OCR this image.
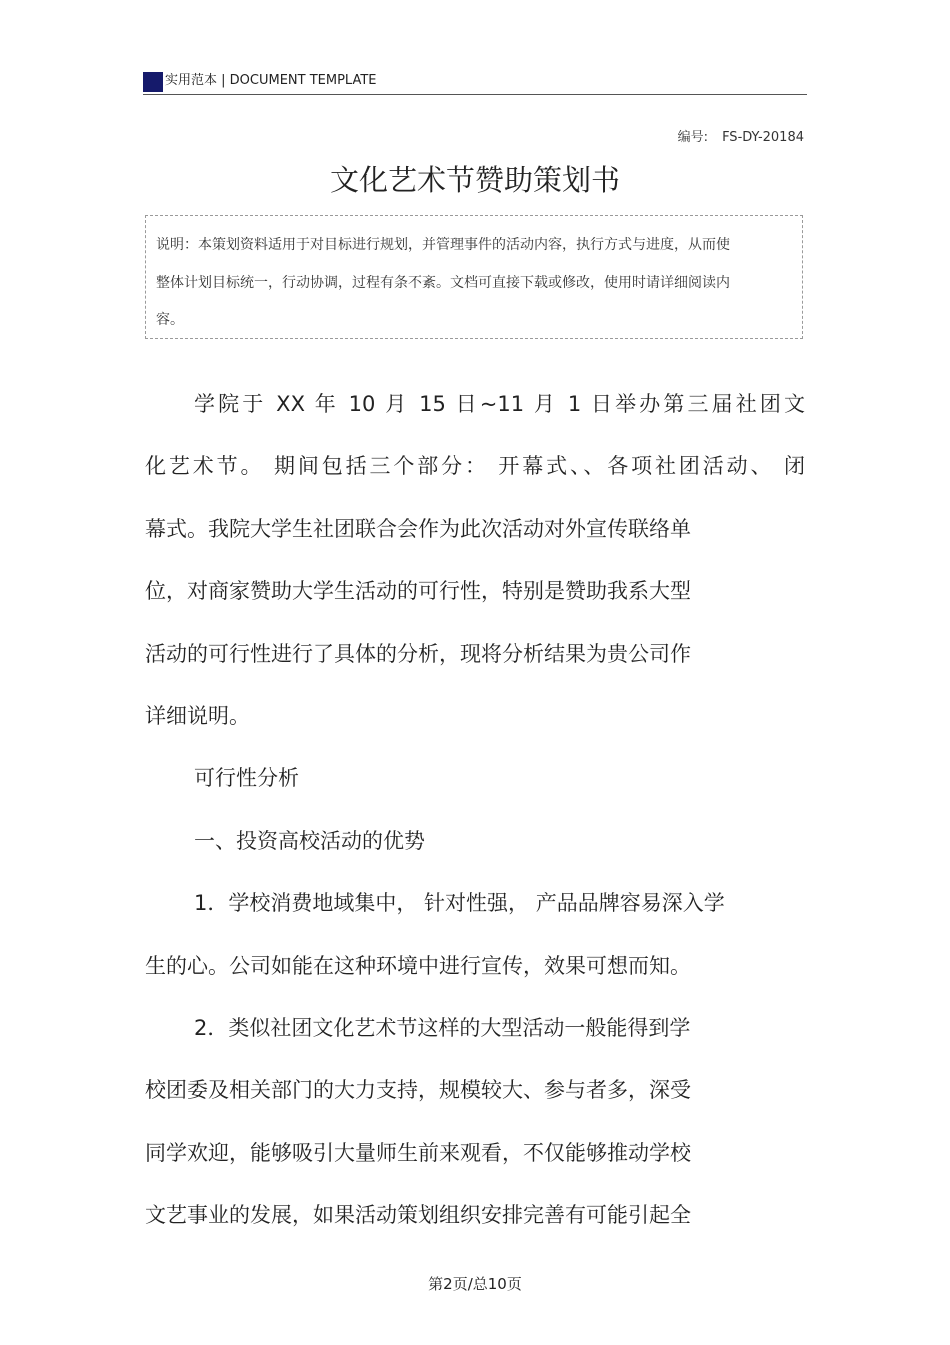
实用范本 | DOCUMENT TEMPLATE
编号: FS-DY-20184
文化艺术节赞助策划书
说明：本策划资料适用于对目标进行规划，并管理事件的活动内容，执行方式与进度，从而使整体计划目标统一，行动协调，过程有条不紊。文档可直接下载或修改，使用时请详细阅读内容。
学院于 XX 年 10 月 15 日~11 月 1 日举办第三届社团文
化艺术节。 期间包括三个部分： 开幕式、、各项社团活动、 闭
幕式。我院大学生社团联合会作为此次活动对外宣传联络单
位，对商家赞助大学生活动的可行性，特别是赞助我系大型
活动的可行性进行了具体的分析，现将分析结果为贵公司作
详细说明。
可行性分析
一、投资高校活动的优势
1．学校消费地域集中， 针对性强， 产品品牌容易深入学
生的心。公司如能在这种环境中进行宣传，效果可想而知。
2．类似社团文化艺术节这样的大型活动一般能得到学
校团委及相关部门的大力支持，规模较大、参与者多，深受
同学欢迎，能够吸引大量师生前来观看，不仅能够推动学校
文艺事业的发展，如果活动策划组织安排完善有可能引起全
第2页/总10页
